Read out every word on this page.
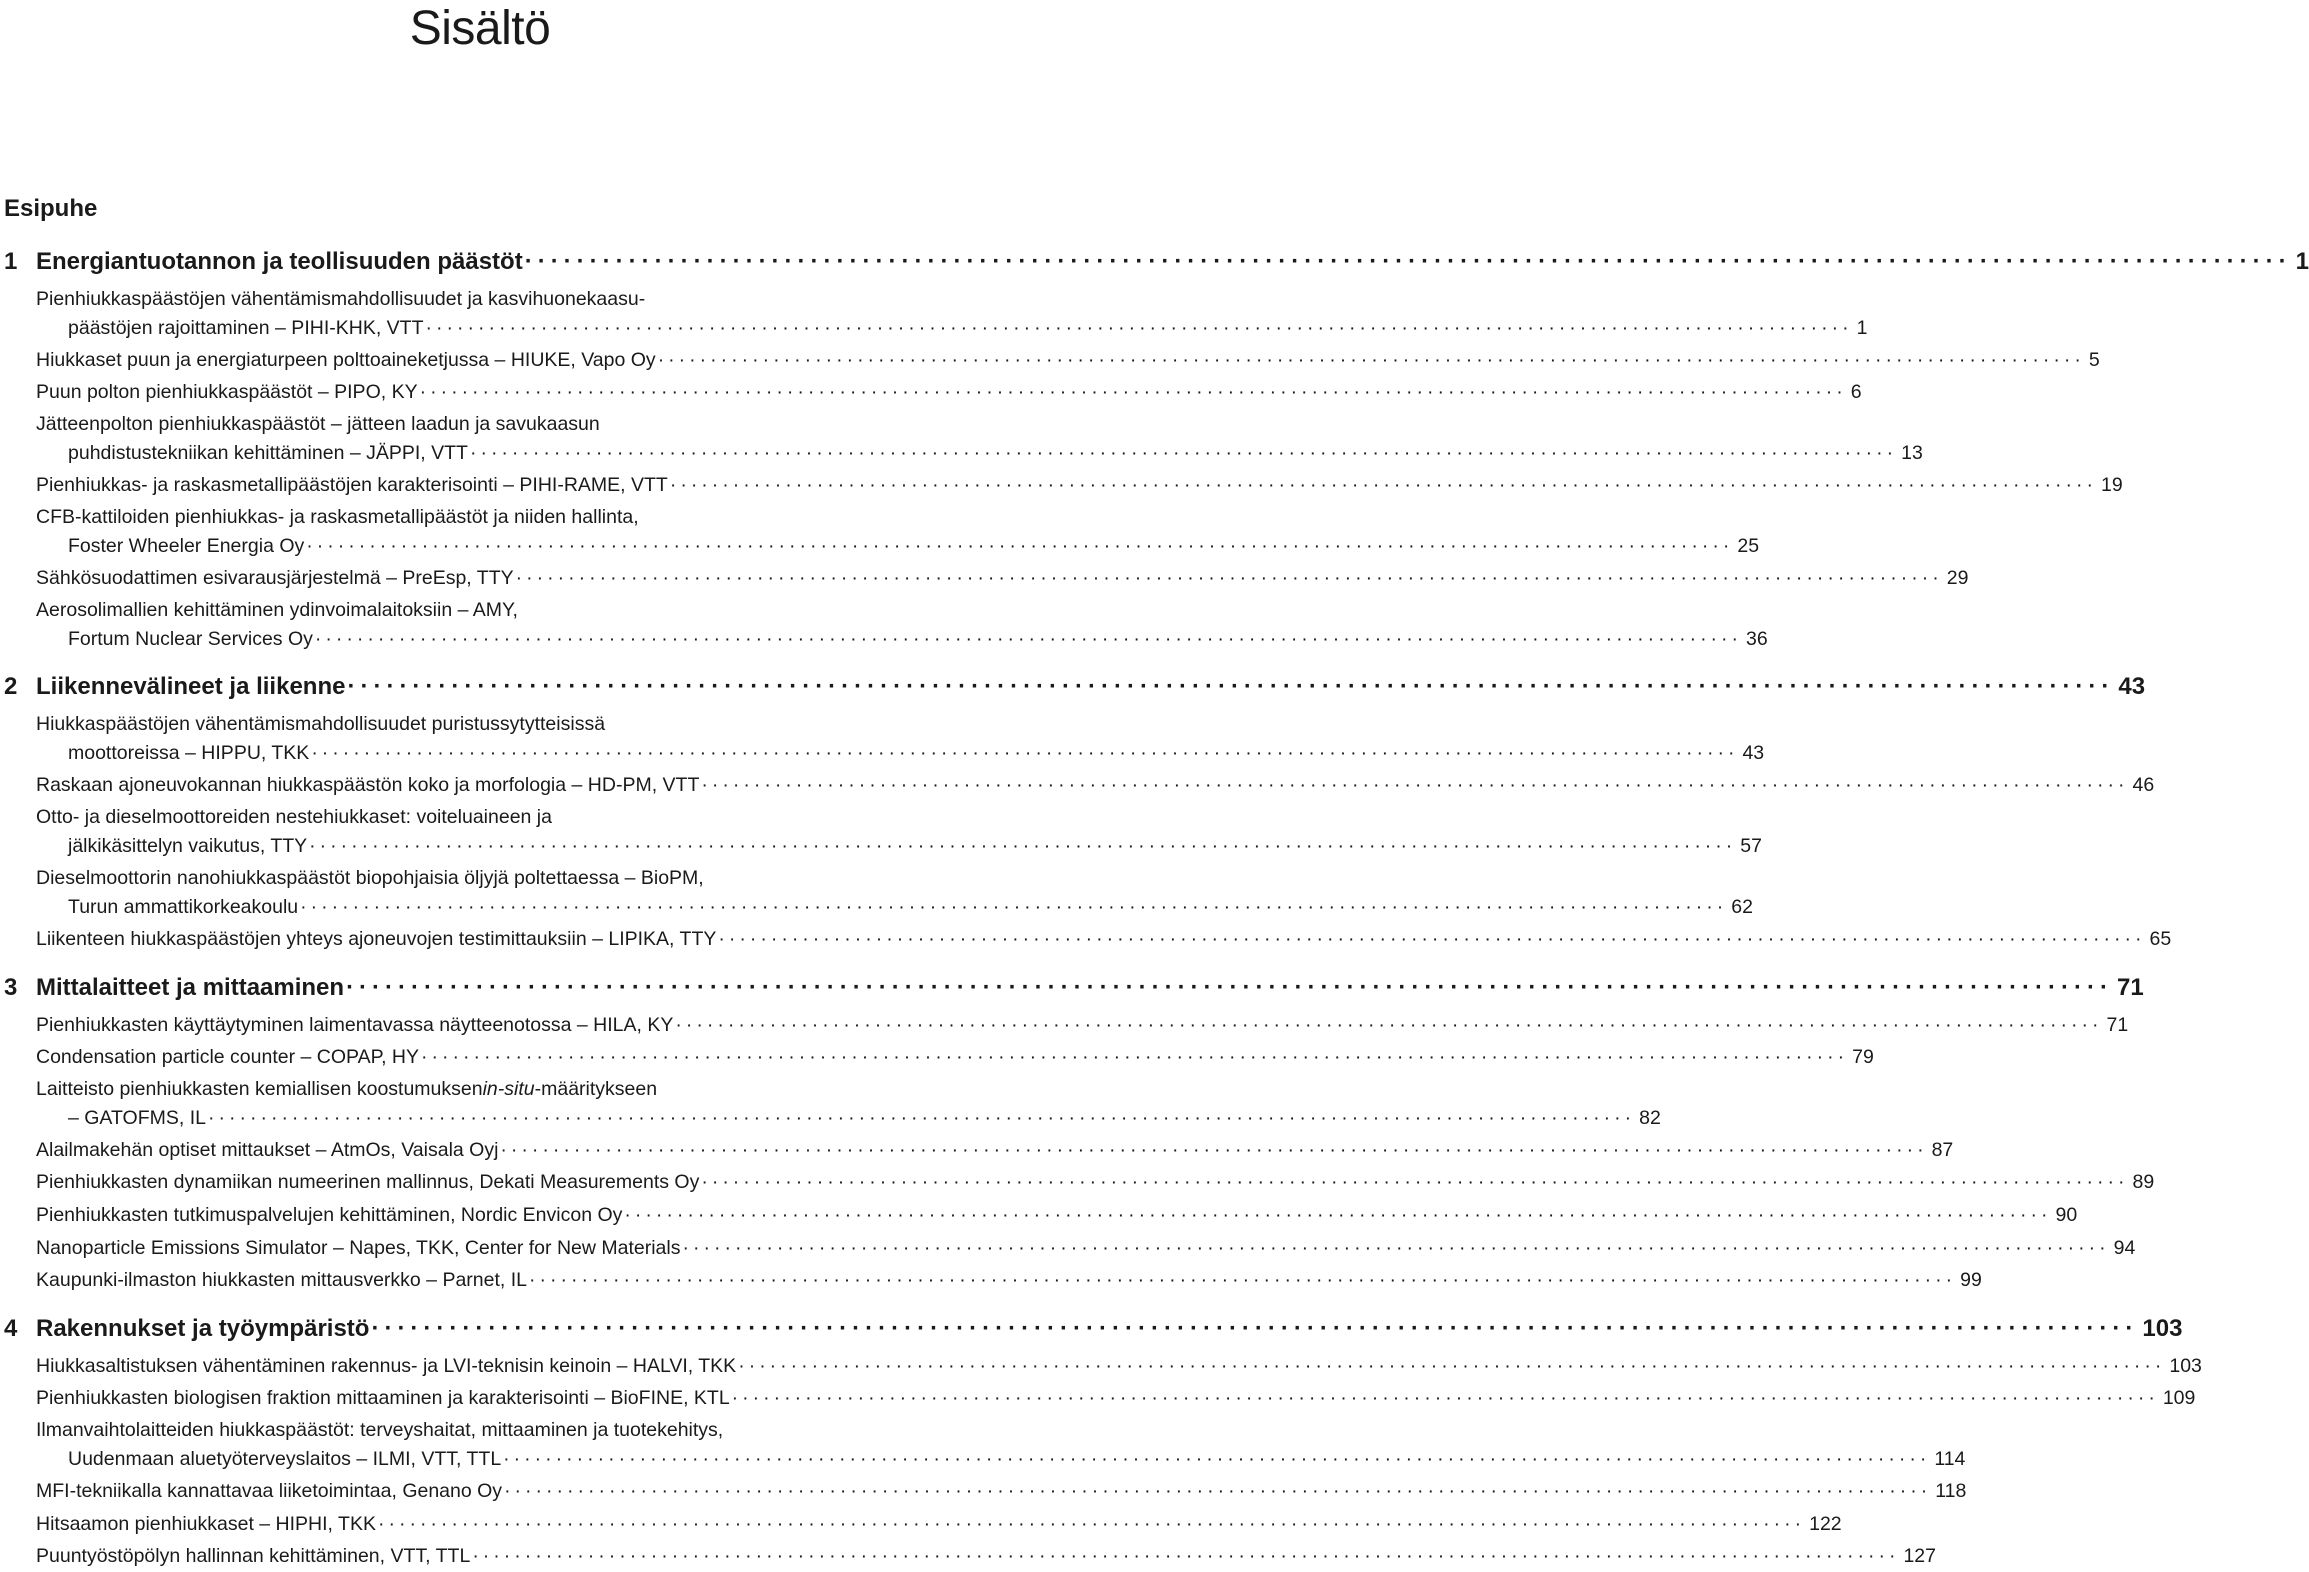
Sisältö
Esipuhe
1 Energiantuotannon ja teollisuuden päästöt ·····	1
Pienhiukkaspäästöjen vähentämismahdollisuudet ja kasvihuonekaasu-
päästöjen rajoittaminen – PIHI-KHK, VTT ·····	1
Hiukkaset puun ja energiaturpeen polttoaineketjussa – HIUKE, Vapo Oy ·····	5
Puun polton pienhiukkaspäästöt – PIPO, KY ·····	6
Jätteenpolton pienhiukkaspäästöt – jätteen laadun ja savukaasun
puhdistustekniikan kehittäminen – JÄPPI, VTT ·····	13
Pienhiukkas- ja raskasmetallipäästöjen karakterisointi – PIHI-RAME, VTT ·····	19
CFB-kattiloiden pienhiukkas- ja raskasmetallipäästöt ja niiden hallinta,
Foster Wheeler Energia Oy ·····	25
Sähkösuodattimen esivarausjärjestelmä – PreEsp, TTY ·····	29
Aerosolimallien kehittäminen ydinvoimalaitoksiin – AMY,
Fortum Nuclear Services Oy ·····	36
2 Liikennevälineet ja liikenne ·····	43
Hiukkaspäästöjen vähentämismahdollisuudet puristussytytteisissä
moottoreissa – HIPPU, TKK ·····	43
Raskaan ajoneuvokannan hiukkaspäästön koko ja morfologia – HD-PM, VTT ·····	46
Otto- ja dieselmoottoreiden nestehiukkaset: voiteluaineen ja
jälkikäsittelyn vaikutus, TTY ·····	57
Dieselmoottorin nanohiukkaspäästöt biopohjaisia öljyjä poltettaessa – BioPM,
Turun ammattikorkeakoulu ·····	62
Liikenteen hiukkaspäästöjen yhteys ajoneuvojen testimittauksiin – LIPIKA, TTY ·····	65
3 Mittalaitteet ja mittaaminen ·····	71
Pienhiukkasten käyttäytyminen laimentavassa näytteenotossa – HILA, KY ·····	71
Condensation particle counter – COPAP, HY ·····	79
Laitteisto pienhiukkasten kemiallisen koostumuksen in-situ -määritykseen
– GATOFMS, IL ·····	82
Alailmakehän optiset mittaukset – AtmOs, Vaisala Oyj ·····	87
Pienhiukkasten dynamiikan numeerinen mallinnus, Dekati Measurements Oy ·····	89
Pienhiukkasten tutkimuspalvelujen kehittäminen, Nordic Envicon Oy ·····	90
Nanoparticle Emissions Simulator – Napes, TKK, Center for New Materials ·····	94
Kaupunki-ilmaston hiukkasten mittausverkko – Parnet, IL ·····	99
4 Rakennukset ja työympäristö ·····	103
Hiukkasaltistuksen vähentäminen rakennus- ja LVI-teknisin keinoin – HALVI, TKK ·····	103
Pienhiukkasten biologisen fraktion mittaaminen ja karakterisointi – BioFINE, KTL ·····	109
Ilmanvaihtolaitteiden hiukkaspäästöt: terveyshaitat, mittaaminen ja tuotekehitys,
Uudenmaan aluetyöterveyslaitos – ILMI, VTT, TTL ·····	114
MFI-tekniikalla kannattavaa liiketoimintaa, Genano Oy ·····	118
Hitsaamon pienhiukkaset – HIPHI, TKK ·····	122
Puuntyöstöpölyn hallinnan kehittäminen, VTT, TTL ·····	127
